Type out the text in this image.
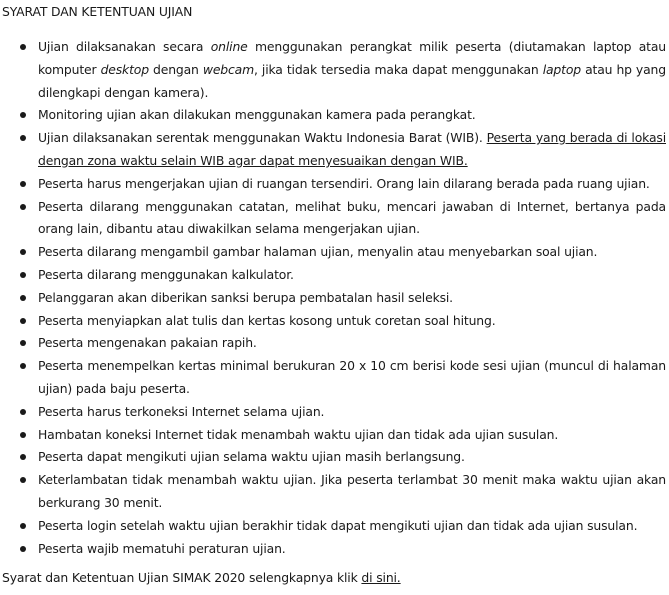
SYARAT DAN KETENTUAN UJIAN
Ujian dilaksanakan secara online menggunakan perangkat milik peserta (diutamakan laptop atau komputer desktop dengan webcam, jika tidak tersedia maka dapat menggunakan laptop atau hp yang dilengkapi dengan kamera).
Monitoring ujian akan dilakukan menggunakan kamera pada perangkat.
Ujian dilaksanakan serentak menggunakan Waktu Indonesia Barat (WIB). Peserta yang berada di lokasi dengan zona waktu selain WIB agar dapat menyesuaikan dengan WIB.
Peserta harus mengerjakan ujian di ruangan tersendiri. Orang lain dilarang berada pada ruang ujian.
Peserta dilarang menggunakan catatan, melihat buku, mencari jawaban di Internet, bertanya pada orang lain, dibantu atau diwakilkan selama mengerjakan ujian.
Peserta dilarang mengambil gambar halaman ujian, menyalin atau menyebarkan soal ujian.
Peserta dilarang menggunakan kalkulator.
Pelanggaran akan diberikan sanksi berupa pembatalan hasil seleksi.
Peserta menyiapkan alat tulis dan kertas kosong untuk coretan soal hitung.
Peserta mengenakan pakaian rapih.
Peserta menempelkan kertas minimal berukuran 20 x 10 cm berisi kode sesi ujian (muncul di halaman ujian) pada baju peserta.
Peserta harus terkoneksi Internet selama ujian.
Hambatan koneksi Internet tidak menambah waktu ujian dan tidak ada ujian susulan.
Peserta dapat mengikuti ujian selama waktu ujian masih berlangsung.
Keterlambatan tidak menambah waktu ujian. Jika peserta terlambat 30 menit maka waktu ujian akan berkurang 30 menit.
Peserta login setelah waktu ujian berakhir tidak dapat mengikuti ujian dan tidak ada ujian susulan.
Peserta wajib mematuhi peraturan ujian.

Syarat dan Ketentuan Ujian SIMAK 2020 selengkapnya klik di sini.
